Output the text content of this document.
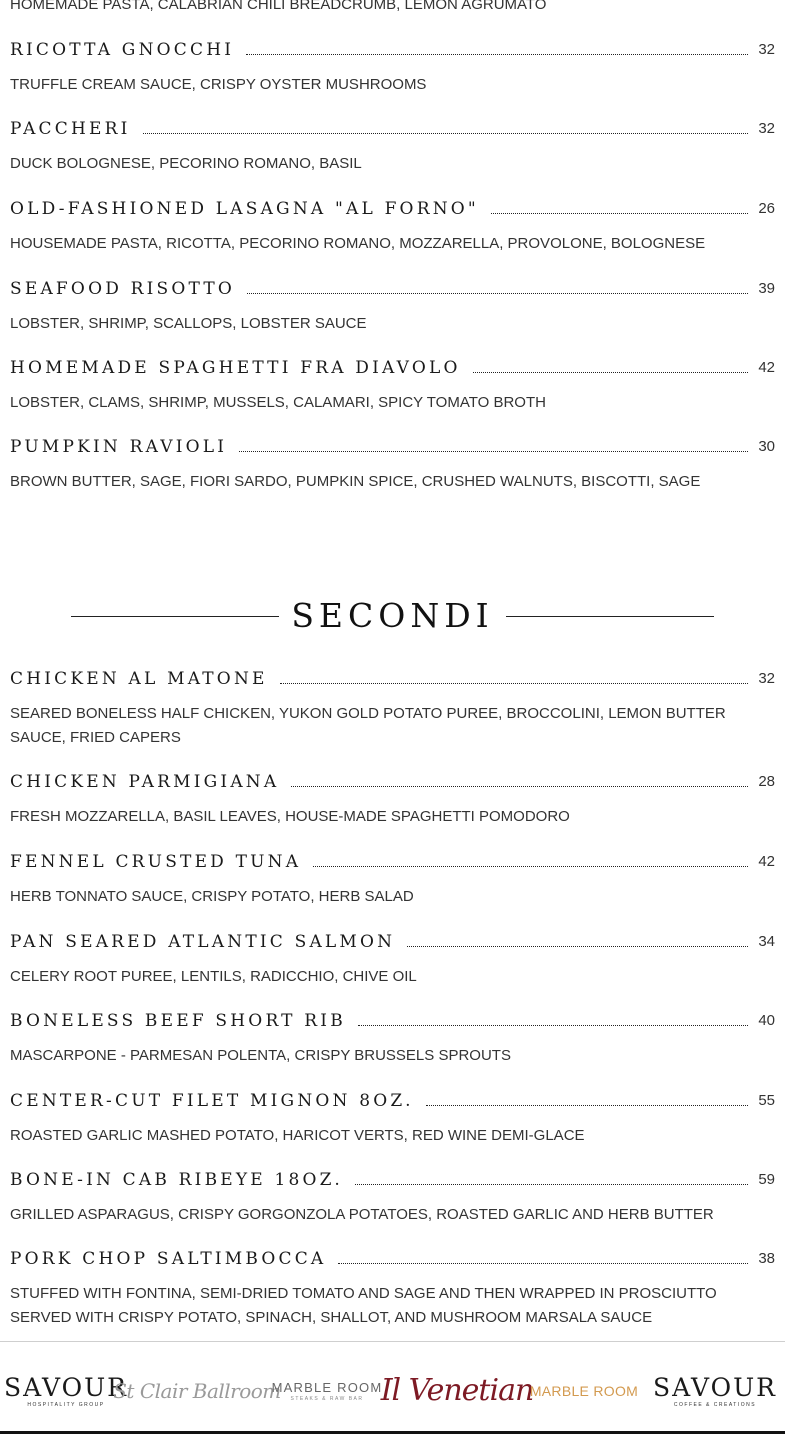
HOMEMADE PASTA, CALABRIAN CHILI BREADCRUMB, LEMON AGRUMATO
RICOTTA GNOCCHI	32
TRUFFLE CREAM SAUCE, CRISPY OYSTER MUSHROOMS
PACCHERI	32
DUCK BOLOGNESE, PECORINO ROMANO, BASIL
OLD-FASHIONED LASAGNA "AL FORNO"	26
HOUSEMADE PASTA, RICOTTA, PECORINO ROMANO, MOZZARELLA, PROVOLONE, BOLOGNESE
SEAFOOD RISOTTO	39
LOBSTER, SHRIMP, SCALLOPS, LOBSTER SAUCE
HOMEMADE SPAGHETTI FRA DIAVOLO	42
LOBSTER, CLAMS, SHRIMP, MUSSELS, CALAMARI, SPICY TOMATO BROTH
PUMPKIN RAVIOLI	30
BROWN BUTTER, SAGE, FIORI SARDO, PUMPKIN SPICE, CRUSHED WALNUTS, BISCOTTI, SAGE
SECONDI
CHICKEN AL MATONE	32
SEARED BONELESS HALF CHICKEN, YUKON GOLD POTATO PUREE, BROCCOLINI, LEMON BUTTER SAUCE, FRIED CAPERS
CHICKEN PARMIGIANA	28
FRESH MOZZARELLA, BASIL LEAVES, HOUSE-MADE SPAGHETTI POMODORO
FENNEL CRUSTED TUNA	42
HERB TONNATO SAUCE, CRISPY POTATO, HERB SALAD
PAN SEARED ATLANTIC SALMON	34
CELERY ROOT PUREE, LENTILS, RADICCHIO, CHIVE OIL
BONELESS BEEF SHORT RIB	40
MASCARPONE - PARMESAN POLENTA, CRISPY BRUSSELS SPROUTS
CENTER-CUT FILET MIGNON 8OZ.	55
ROASTED GARLIC MASHED POTATO, HARICOT VERTS, RED WINE DEMI-GLACE
BONE-IN CAB RIBEYE 18OZ.	59
GRILLED ASPARAGUS, CRISPY GORGONZOLA POTATOES, ROASTED GARLIC AND HERB BUTTER
PORK CHOP SALTIMBOCCA	38
STUFFED WITH FONTINA, SEMI-DRIED TOMATO AND SAGE AND THEN WRAPPED IN PROSCIUTTO SERVED WITH CRISPY POTATO, SPINACH, SHALLOT, AND MUSHROOM MARSALA SAUCE
SAVOUR
HOSPITALITY GROUP
St Clair Ballroom
MARBLE ROOM
STEAKS & RAW BAR Il Venetian
MARBLE ROOM SAVOUR
COFFEE & CREATIONS
